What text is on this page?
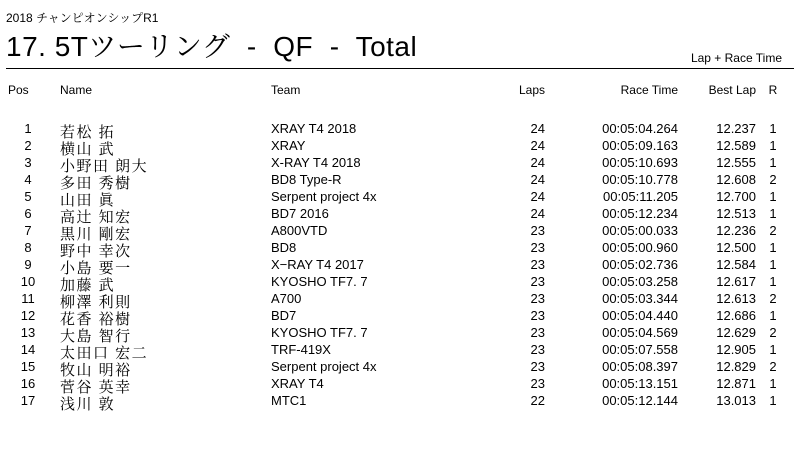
2018 チャンピオンシップR1
17. 5Tツーリング  -  QF  -  Total	Lap + Race Time
Pos	Name	Team	Laps	Race Time	Best Lap R
1	若松 拓	XRAY T4 2018	24	00:05:04.264	12.237 1
2	横山 武	XRAY	24	00:05:09.163	12.589 1
3	小野田 朗大	X-RAY T4 2018	24	00:05:10.693	12.555 1
4	多田 秀樹	BD8 Type-R	24	00:05:10.778	12.608 2
5	山田 眞	Serpent project 4x	24	00:05:11.205	12.700 1
6	高辻 知宏	BD7 2016	24	00:05:12.234	12.513 1
7	黒川 剛宏	A800VTD	23	00:05:00.033	12.236 2
8	野中 幸次	BD8	23	00:05:00.960	12.500 1
9	小島 要一	X−RAY T4 2017	23	00:05:02.736	12.584 1
10	加藤 武	KYOSHO TF7. 7	23	00:05:03.258	12.617 1
11	柳澤 利則	A700	23	00:05:03.344	12.613 2
12	花香 裕樹	BD7	23	00:05:04.440	12.686 1
13	大島 智行	KYOSHO TF7. 7	23	00:05:04.569	12.629 2
14	太田口 宏二	TRF-419X	23	00:05:07.558	12.905 1
15	牧山 明裕	Serpent project 4x	23	00:05:08.397	12.829 2
16	菅谷 英幸	XRAY T4	23	00:05:13.151	12.871 1
17	浅川 敦	MTC1	22	00:05:12.144	13.013 1
